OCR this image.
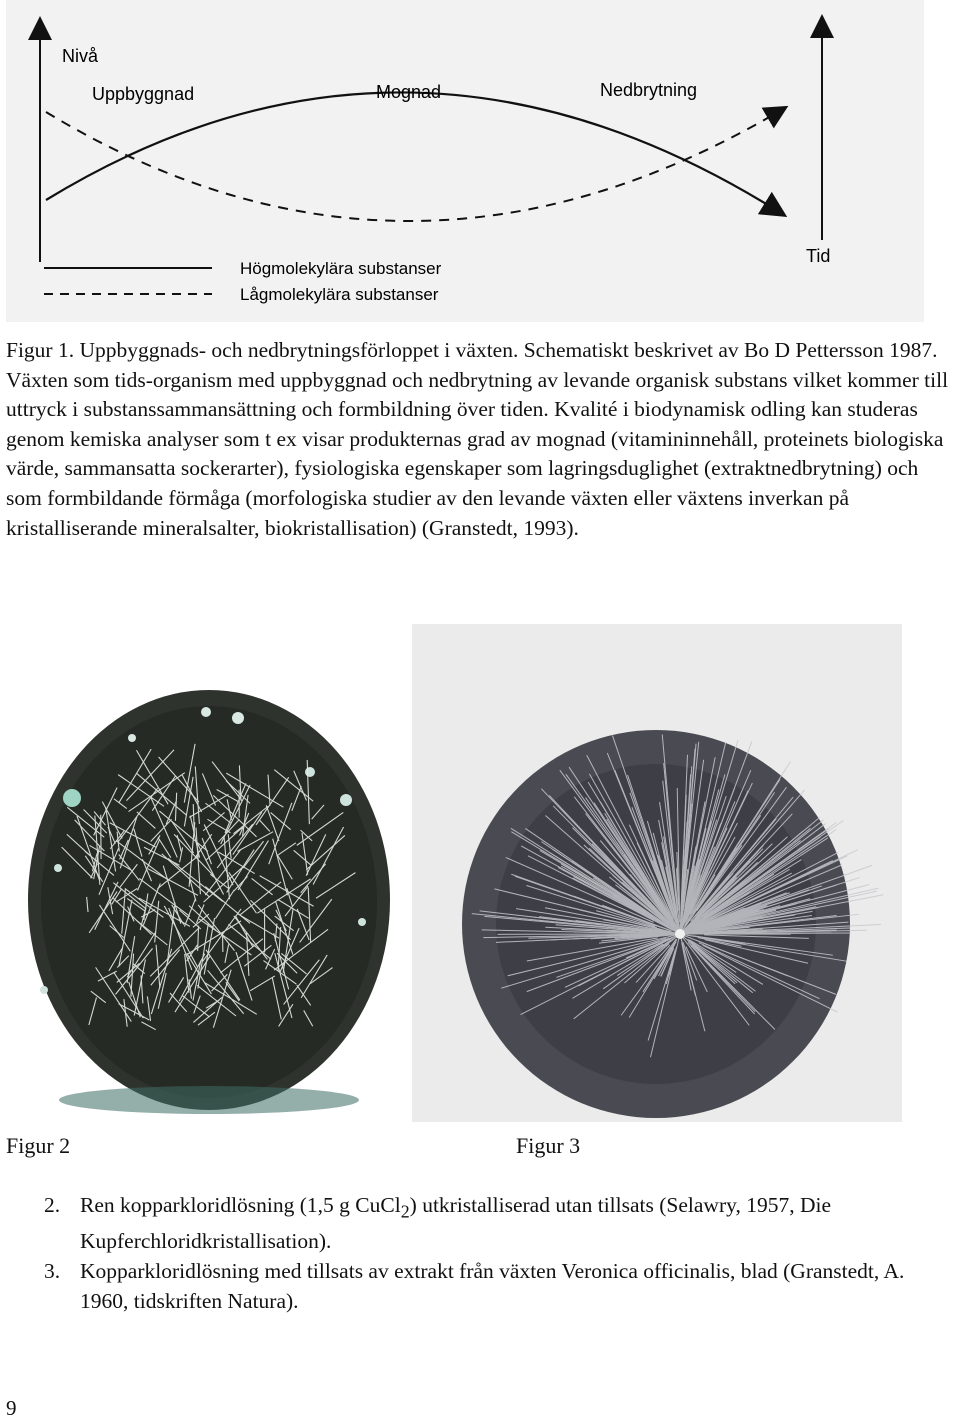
Nivå
Uppbyggnad	Mognad	Nedbrytning
Tid
Högmolekylära substanser
Lågmolekylära substanser

Figur 1. Uppbyggnads- och nedbrytningsförloppet i växten. Schematiskt beskrivet av Bo D Pettersson 1987. Växten som tids-organism med uppbyggnad och nedbrytning av levande organisk substans vilket kommer till uttryck i substanssammansättning och formbildning över tiden. Kvalité i biodynamisk odling kan studeras genom kemiska analyser som t ex visar produkternas grad av mognad (vitamininnehåll, proteinets biologiska värde, sammansatta sockerarter), fysiologiska egenskaper som lagringsduglighet (extraktnedbrytning) och som formbildande förmåga (morfologiska studier av den levande växten eller växtens inverkan på kristalliserande mineralsalter, biokristallisation) (Granstedt, 1993).

Figur 2	Figur 3
2. Ren kopparkloridlösning (1,5 g CuCl$_2$) utkristalliserad utan tillsats (Selawry, 1957, Die Kupferchloridkristallisation).
3. Kopparkloridlösning med tillsats av extrakt från växten Veronica officinalis, blad (Granstedt, A. 1960, tidskriften Natura).
9
